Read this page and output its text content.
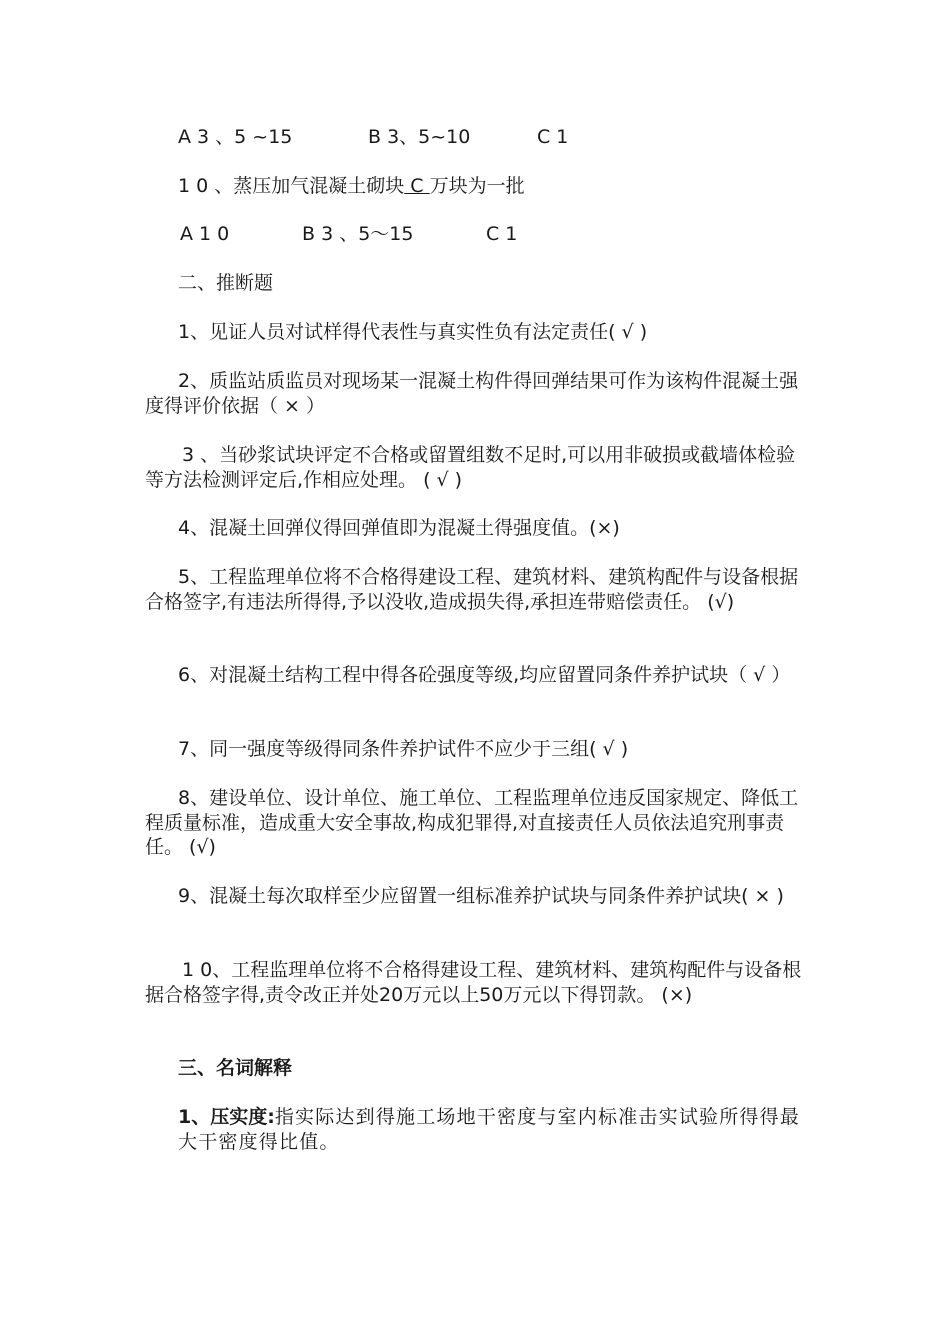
A 3 、5 ~15	B 3、5~10	C 1

1 0 、蒸压加气混凝土砌块 C 万块为一批

A 1 0	B 3 、5～15	C 1

二、推断题

1、见证人员对试样得代表性与真实性负有法定责任( √ )

2、质监站质监员对现场某一混凝土构件得回弹结果可作为该构件混凝土强度得评价依据（ × ）

3 、当砂浆试块评定不合格或留置组数不足时,可以用非破损或截墙体检验等方法检测评定后,作相应处理。 ( √ )

4、混凝土回弹仪得回弹值即为混凝土得强度值。(×)

5、工程监理单位将不合格得建设工程、建筑材料、建筑构配件与设备根据合格签字,有违法所得得,予以没收,造成损失得,承担连带赔偿责任。 (√)

6、对混凝土结构工程中得各砼强度等级,均应留置同条件养护试块（ √ ）

7、同一强度等级得同条件养护试件不应少于三组( √ )

8、建设单位、设计单位、施工单位、工程监理单位违反国家规定、降低工程质量标准，造成重大安全事故,构成犯罪得,对直接责任人员依法追究刑事责任。 (√)

9、混凝土每次取样至少应留置一组标准养护试块与同条件养护试块( × )

1 0、工程监理单位将不合格得建设工程、建筑材料、建筑构配件与设备根据合格签字得,责令改正并处20万元以上50万元以下得罚款。 (×)

三、名词解释

1、压实度:指实际达到得施工场地干密度与室内标准击实试验所得得最大干密度得比值。
